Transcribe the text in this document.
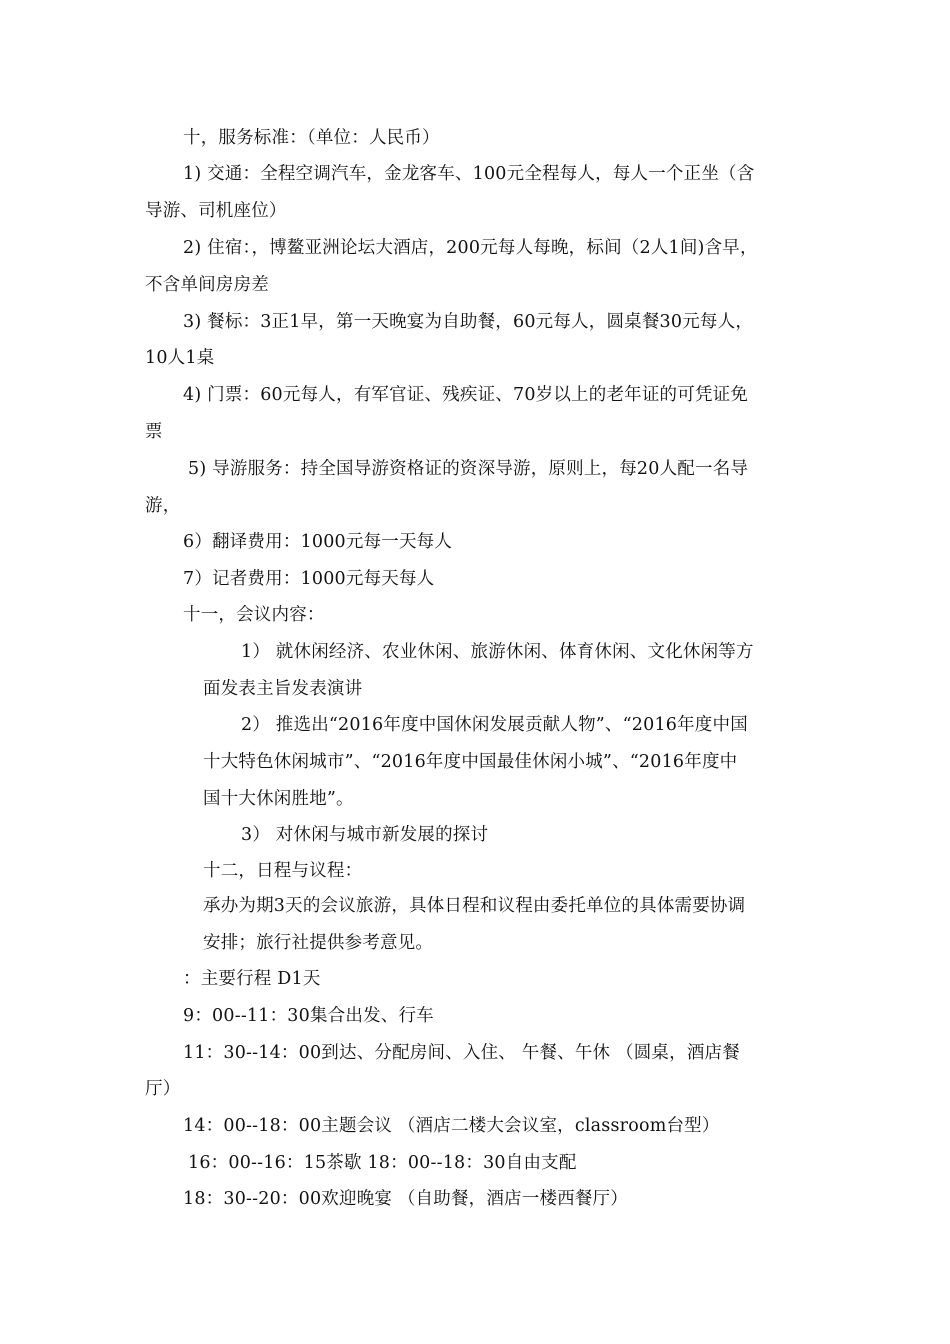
十，服务标准：（单位：人民币）
1) 交通：全程空调汽车，金龙客车、100元全程每人，每人一个正坐（含
导游、司机座位）
2) 住宿：，博鳌亚洲论坛大酒店，200元每人每晚，标间（2人1间)含早，
不含单间房房差
3) 餐标：3正1早，第一天晚宴为自助餐，60元每人，圆桌餐30元每人，
10人1桌
4) 门票：60元每人，有军官证、残疾证、70岁以上的老年证的可凭证免
票
5) 导游服务：持全国导游资格证的资深导游，原则上，每20人配一名导
游，
6）翻译费用：1000元每一天每人
7）记者费用：1000元每天每人
十一，会议内容：
1） 就休闲经济、农业休闲、旅游休闲、体育休闲、文化休闲等方
面发表主旨发表演讲
2） 推选出“2016年度中国休闲发展贡献人物”、“2016年度中国
十大特色休闲城市”、“2016年度中国最佳休闲小城”、“2016年度中
国十大休闲胜地”。
3） 对休闲与城市新发展的探讨
十二，日程与议程：
承办为期3天的会议旅游，具体日程和议程由委托单位的具体需要协调
安排；旅行社提供参考意见。
：主要行程 D1天
9：00--11：30集合出发、行车
11：30--14：00到达、分配房间、入住、 午餐、午休 （圆桌，酒店餐
厅）
14：00--18：00主题会议 （酒店二楼大会议室，classroom台型）
16：00--16：15茶歇 18：00--18：30自由支配
18：30--20：00欢迎晚宴 （自助餐，酒店一楼西餐厅）
